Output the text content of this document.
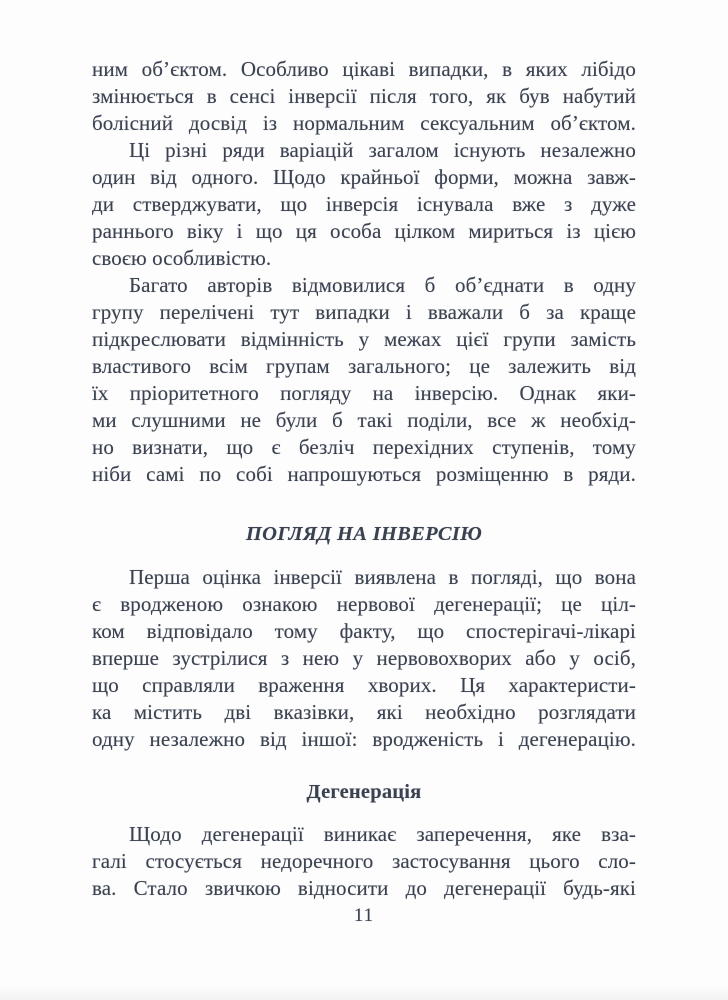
ним об’єктом. Особливо цікаві випадки, в яких лібідо
змінюється в сенсі інверсії після того, як був набутий
болісний досвід із нормальним сексуальним об’єктом.
Ці різні ряди варіацій загалом існують незалежно
один від одного. Щодо крайньої форми, можна завж-
ди стверджувати, що інверсія існувала вже з дуже
раннього віку і що ця особа цілком мириться із цією
своєю особливістю.
Багато авторів відмовилися б об’єднати в одну
групу перелічені тут випадки і вважали б за краще
підкреслювати відмінність у межах цієї групи замість
властивого всім групам загального; це залежить від
їх пріоритетного погляду на інверсію. Однак яки-
ми слушними не були б такі поділи, все ж необхід-
но визнати, що є безліч перехідних ступенів, тому
ніби самі по собі напрошуються розміщенню в ряди.
ПОГЛЯД НА ІНВЕРСІЮ
Перша оцінка інверсії виявлена в погляді, що вона
є вродженою ознакою нервової дегенерації; це ціл-
ком відповідало тому факту, що спостерігачі-лікарі
вперше зустрілися з нею у нервовохворих або у осіб,
що справляли враження хворих. Ця характеристи-
ка містить дві вказівки, які необхідно розглядати
одну незалежно від іншої: вродженість і дегенерацію.
Дегенерація
Щодо дегенерації виникає заперечення, яке вза-
галі стосується недоречного застосування цього сло-
ва. Стало звичкою відносити до дегенерації будь-які
11
